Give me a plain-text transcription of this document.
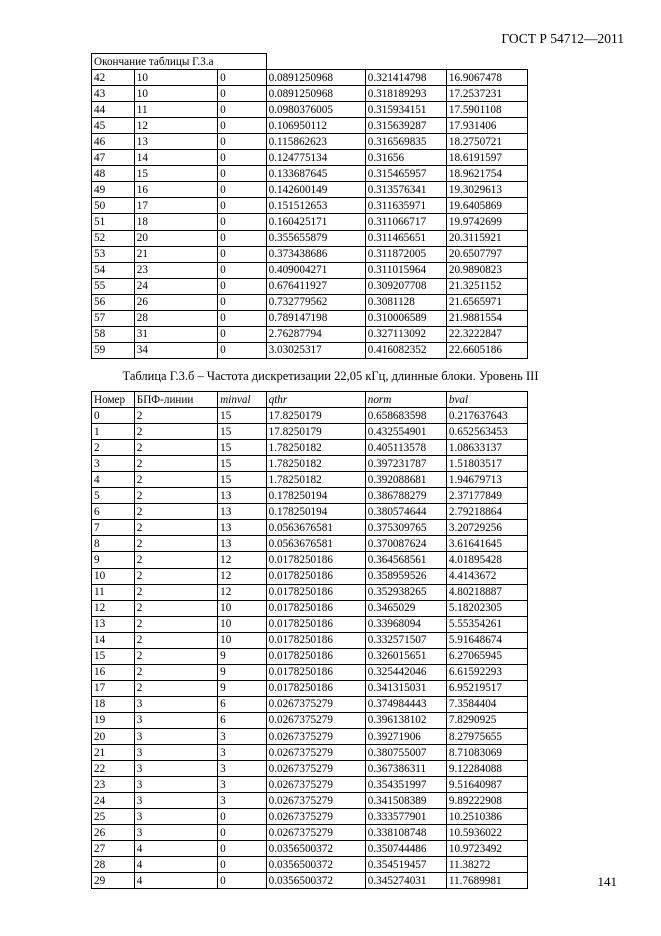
ГОСТ Р 54712—2011
Окончание таблицы Г.3.а					
42	10	0	0.0891250968	0.321414798	16.9067478
43	10	0	0.0891250968	0.318189293	17.2537231
44	11	0	0.0980376005	0.315934151	17.5901108
45	12	0	0.106950112	0.315639287	17.931406
46	13	0	0.115862623	0.316569835	18.2750721
47	14	0	0.124775134	0.31656	18.6191597
48	15	0	0.133687645	0.315465957	18.9621754
49	16	0	0.142600149	0.313576341	19.3029613
50	17	0	0.151512653	0.311635971	19.6405869
51	18	0	0.160425171	0.311066717	19.9742699
52	20	0	0.355655879	0.311465651	20.3115921
53	21	0	0.373438686	0.311872005	20.6507797
54	23	0	0.409004271	0.311015964	20.9890823
55	24	0	0.676411927	0.309207708	21.3251152
56	26	0	0.732779562	0.3081128	21.6565971
57	28	0	0.789147198	0.310006589	21.9881554
58	31	0	2.76287794	0.327113092	22.3222847
59	34	0	3.03025317	0.416082352	22.6605186
Таблица Г.3.б – Частота дискретизации 22,05 кГц, длинные блоки. Уровень III
Номер	БПФ-линии	minval	qthr	norm	bval
0	2	15	17.8250179	0.658683598	0.217637643
1	2	15	17.8250179	0.432554901	0.652563453
2	2	15	1.78250182	0.405113578	1.08633137
3	2	15	1.78250182	0.397231787	1.51803517
4	2	15	1.78250182	0.392088681	1.94679713
5	2	13	0.178250194	0.386788279	2.37177849
6	2	13	0.178250194	0.380574644	2.79218864
7	2	13	0.0563676581	0.375309765	3.20729256
8	2	13	0.0563676581	0.370087624	3.61641645
9	2	12	0.0178250186	0.364568561	4.01895428
10	2	12	0.0178250186	0.358959526	4.4143672
11	2	12	0.0178250186	0.352938265	4.80218887
12	2	10	0.0178250186	0.3465029	5.18202305
13	2	10	0.0178250186	0.33968094	5.55354261
14	2	10	0.0178250186	0.332571507	5.91648674
15	2	9	0.0178250186	0.326015651	6.27065945
16	2	9	0.0178250186	0.325442046	6.61592293
17	2	9	0.0178250186	0.341315031	6.95219517
18	3	6	0.0267375279	0.374984443	7.3584404
19	3	6	0.0267375279	0.396138102	7.8290925
20	3	3	0.0267375279	0.39271906	8.27975655
21	3	3	0.0267375279	0.380755007	8.71083069
22	3	3	0.0267375279	0.367386311	9.12284088
23	3	3	0.0267375279	0.354351997	9.51640987
24	3	3	0.0267375279	0.341508389	9.89222908
25	3	0	0.0267375279	0.333577901	10.2510386
26	3	0	0.0267375279	0.338108748	10.5936022
27	4	0	0.0356500372	0.350744486	10.9723492
28	4	0	0.0356500372	0.354519457	11.38272
29	4	0	0.0356500372	0.345274031	11.7689981	141
